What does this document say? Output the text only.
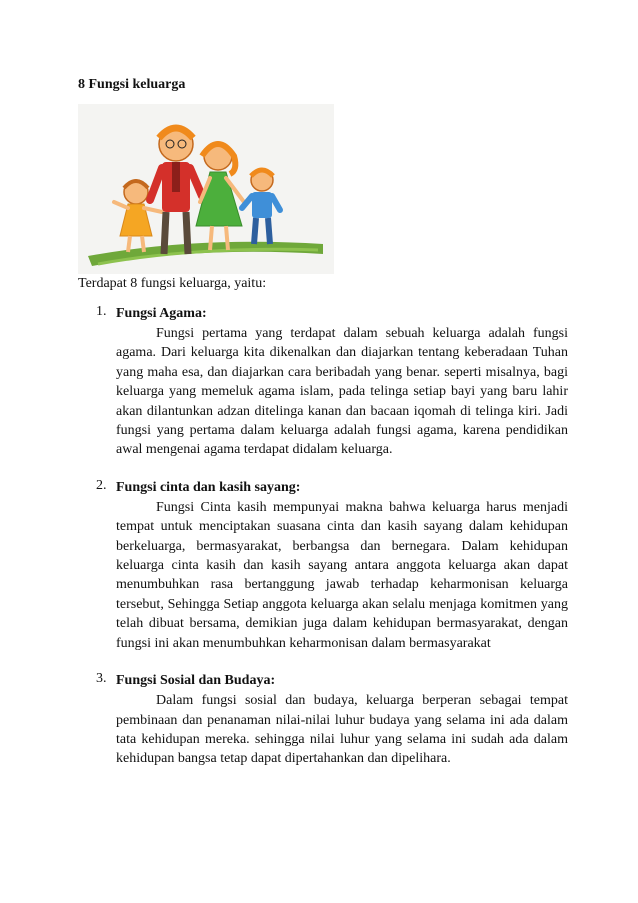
8 Fungsi keluarga
Terdapat 8 fungsi keluarga, yaitu:
1. Fungsi Agama:
Fungsi pertama yang terdapat dalam sebuah keluarga adalah fungsi agama. Dari keluarga kita dikenalkan dan diajarkan tentang keberadaan Tuhan yang maha esa, dan diajarkan cara beribadah yang benar. seperti misalnya, bagi keluarga yang memeluk agama islam, pada telinga setiap bayi yang baru lahir akan dilantunkan adzan ditelinga kanan dan bacaan iqomah di telinga kiri. Jadi fungsi yang pertama dalam keluarga adalah fungsi agama, karena pendidikan awal mengenai agama terdapat didalam keluarga.
2. Fungsi cinta dan kasih sayang:
Fungsi Cinta kasih mempunyai makna bahwa keluarga harus menjadi tempat untuk menciptakan suasana cinta dan kasih sayang dalam kehidupan berkeluarga, bermasyarakat, berbangsa dan bernegara. Dalam kehidupan keluarga cinta kasih dan kasih sayang antara anggota keluarga akan dapat menumbuhkan rasa bertanggung jawab terhadap keharmonisan keluarga tersebut, Sehingga Setiap anggota keluarga akan selalu menjaga komitmen yang telah dibuat bersama, demikian juga dalam kehidupan bermasyarakat, dengan fungsi ini akan menumbuhkan keharmonisan dalam bermasyarakat
3. Fungsi Sosial dan Budaya:
Dalam fungsi sosial dan budaya, keluarga berperan sebagai tempat pembinaan dan penanaman nilai-nilai luhur budaya yang selama ini ada dalam tata kehidupan mereka. sehingga nilai luhur yang selama ini sudah ada dalam kehidupan bangsa tetap dapat dipertahankan dan dipelihara.
